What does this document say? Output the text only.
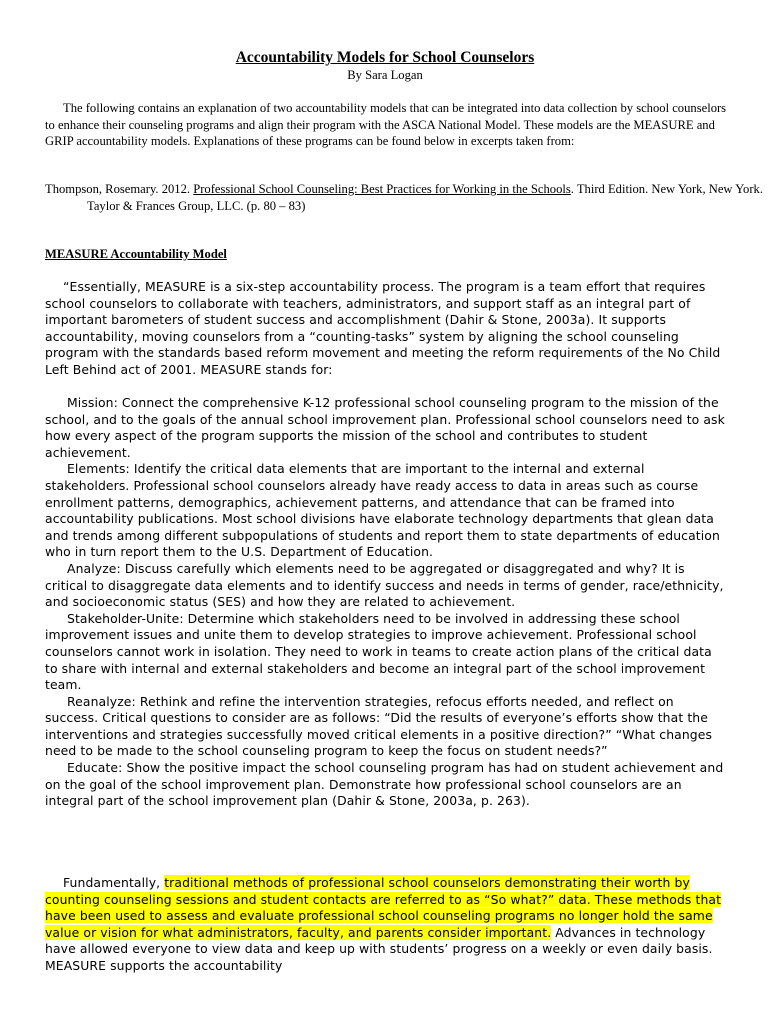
Accountability Models for School Counselors
By Sara Logan

The following contains an explanation of two accountability models that can be integrated into data collection by school counselors to enhance their counseling programs and align their program with the ASCA National Model. These models are the MEASURE and GRIP accountability models. Explanations of these programs can be found below in excerpts taken from:

Thompson, Rosemary. 2012. Professional School Counseling: Best Practices for Working in the Schools. Third Edition. New York, New York. Taylor & Frances Group, LLC. (p. 80 – 83)

MEASURE Accountability Model

“Essentially, MEASURE is a six-step accountability process. The program is a team effort that requires school counselors to collaborate with teachers, administrators, and support staff as an integral part of important barometers of student success and accomplishment (Dahir & Stone, 2003a). It supports accountability, moving counselors from a “counting-tasks” system by aligning the school counseling program with the standards based reform movement and meeting the reform requirements of the No Child Left Behind act of 2001. MEASURE stands for:

Mission: Connect the comprehensive K-12 professional school counseling program to the mission of the school, and to the goals of the annual school improvement plan. Professional school counselors need to ask how every aspect of the program supports the mission of the school and contributes to student achievement.
Elements: Identify the critical data elements that are important to the internal and external stakeholders. Professional school counselors already have ready access to data in areas such as course enrollment patterns, demographics, achievement patterns, and attendance that can be framed into accountability publications. Most school divisions have elaborate technology departments that glean data and trends among different subpopulations of students and report them to state departments of education who in turn report them to the U.S. Department of Education.
Analyze: Discuss carefully which elements need to be aggregated or disaggregated and why? It is critical to disaggregate data elements and to identify success and needs in terms of gender, race/ethnicity, and socioeconomic status (SES) and how they are related to achievement.
Stakeholder-Unite: Determine which stakeholders need to be involved in addressing these school improvement issues and unite them to develop strategies to improve achievement. Professional school counselors cannot work in isolation. They need to work in teams to create action plans of the critical data to share with internal and external stakeholders and become an integral part of the school improvement team.
Reanalyze: Rethink and refine the intervention strategies, refocus efforts needed, and reflect on success. Critical questions to consider are as follows: “Did the results of everyone’s efforts show that the interventions and strategies successfully moved critical elements in a positive direction?” “What changes need to be made to the school counseling program to keep the focus on student needs?”
Educate: Show the positive impact the school counseling program has had on student achievement and on the goal of the school improvement plan. Demonstrate how professional school counselors are an integral part of the school improvement plan (Dahir & Stone, 2003a, p. 263).

Fundamentally, traditional methods of professional school counselors demonstrating their worth by counting counseling sessions and student contacts are referred to as “So what?” data. These methods that have been used to assess and evaluate professional school counseling programs no longer hold the same value or vision for what administrators, faculty, and parents consider important. Advances in technology have allowed everyone to view data and keep up with students’ progress on a weekly or even daily basis. MEASURE supports the accountability
